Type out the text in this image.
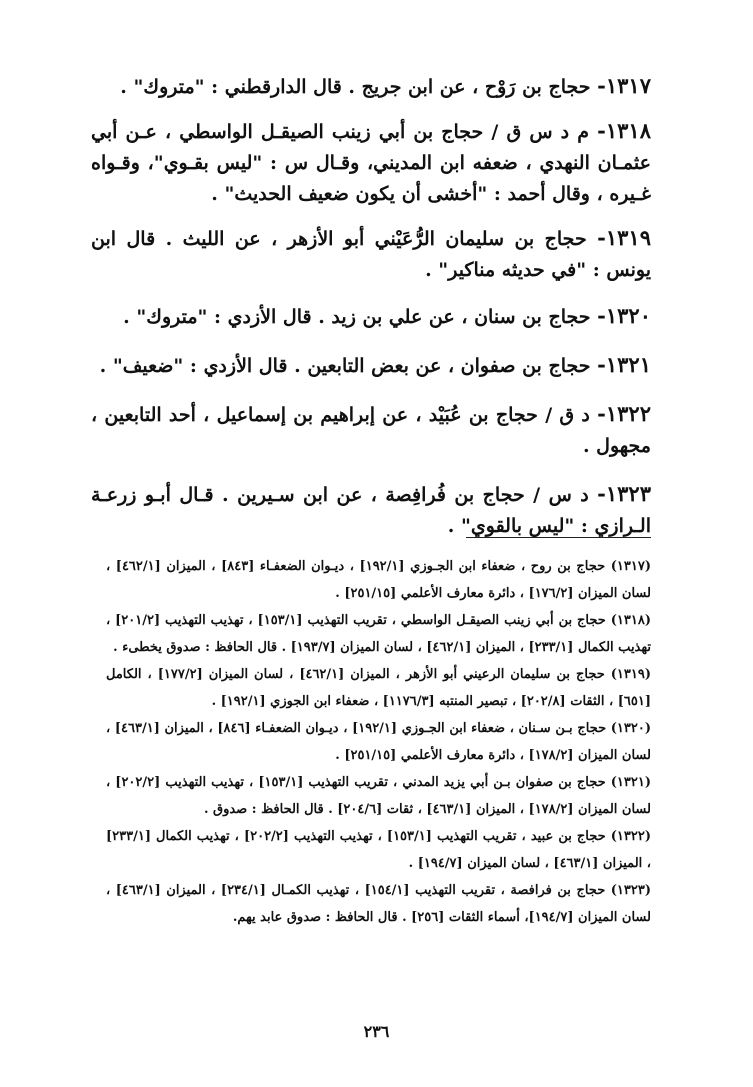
١٣١٧- حجاج بن رَوْح ، عن ابن جريج . قال الدارقطني : "متروك" .

١٣١٨- م د س ق / حجاج بن أبي زينب الصيقـل الواسطي ، عـن أبي عثمـان النهدي ، ضعفه ابن المديني، وقـال س : "ليس بقـوي"، وقـواه غـيره ، وقال أحمد : "أخشى أن يكون ضعيف الحديث" .

١٣١٩- حجاج بن سليمان الرُّعَيْني أبو الأزهر ، عن الليث . قال ابن يونس : "في حديثه مناكير" .

١٣٢٠- حجاج بن سنان ، عن علي بن زيد . قال الأزدي : "متروك" .

١٣٢١- حجاج بن صفوان ، عن بعض التابعين . قال الأزدي : "ضعيف" .

١٣٢٢- د ق / حجاج بن عُبَيْد ، عن إبراهيم بن إسماعيل ، أحد التابعين ، مجهول .

١٣٢٣- د س / حجاج بن فُرافِصة ، عن ابن سـيرين . قـال أبـو زرعـة الـرازي : "ليس بالقوي" .

(١٣١٧) حجاج بن روح ، ضعفاء ابن الجـوزي [١٩٢/١] ، ديـوان الضعفـاء [٨٤٣] ، الميزان [٤٦٢/١] ، لسان الميزان [١٧٦/٢] ، دائرة معارف الأعلمي [٢٥١/١٥] .

(١٣١٨) حجاج بن أبي زينب الصيقـل الواسطي ، تقريب التهذيب [١٥٣/١] ، تهذيب التهذيب [٢٠١/٢] ، تهذيب الكمال [٢٣٣/١] ، الميزان [٤٦٢/١] ، لسان الميزان [١٩٣/٧] . قال الحافظ : صدوق يخطىء .

(١٣١٩) حجاج بن سليمان الرعيني أبو الأزهر ، الميزان [٤٦٢/١] ، لسان الميزان [١٧٧/٢] ، الكامل [٦٥١] ، الثقات [٢٠٢/٨] ، تبصير المنتبه [١١٧٦/٣] ، ضعفاء ابن الجوزي [١٩٢/١] .

(١٣٢٠) حجاج بـن سـنان ، ضعفاء ابن الجـوزي [١٩٢/١] ، ديـوان الضعفـاء [٨٤٦] ، الميزان [٤٦٣/١] ، لسان الميزان [١٧٨/٢] ، دائرة معارف الأعلمي [٢٥١/١٥] .

(١٣٢١) حجاج بن صفوان بـن أبي يزيد المدني ، تقريب التهذيب [١٥٣/١] ، تهذيب التهذيب [٢٠٢/٢] ، لسان الميزان [١٧٨/٢] ، الميزان [٤٦٣/١] ، ثقات [٢٠٤/٦] . قال الحافظ : صدوق .

(١٣٢٢) حجاج بن عبيد ، تقريب التهذيب [١٥٣/١] ، تهذيب التهذيب [٢٠٢/٢] ، تهذيب الكمال [٢٣٣/١] ، الميزان [٤٦٣/١] ، لسان الميزان [١٩٤/٧] .

(١٣٢٣) حجاج بن فرافصة ، تقريب التهذيب [١٥٤/١] ، تهذيب الكمـال [٢٣٤/١] ، الميزان [٤٦٣/١] ، لسان الميزان [١٩٤/٧]، أسماء الثقات [٢٥٦] . قال الحافظ : صدوق عابد يهم.

٢٣٦
